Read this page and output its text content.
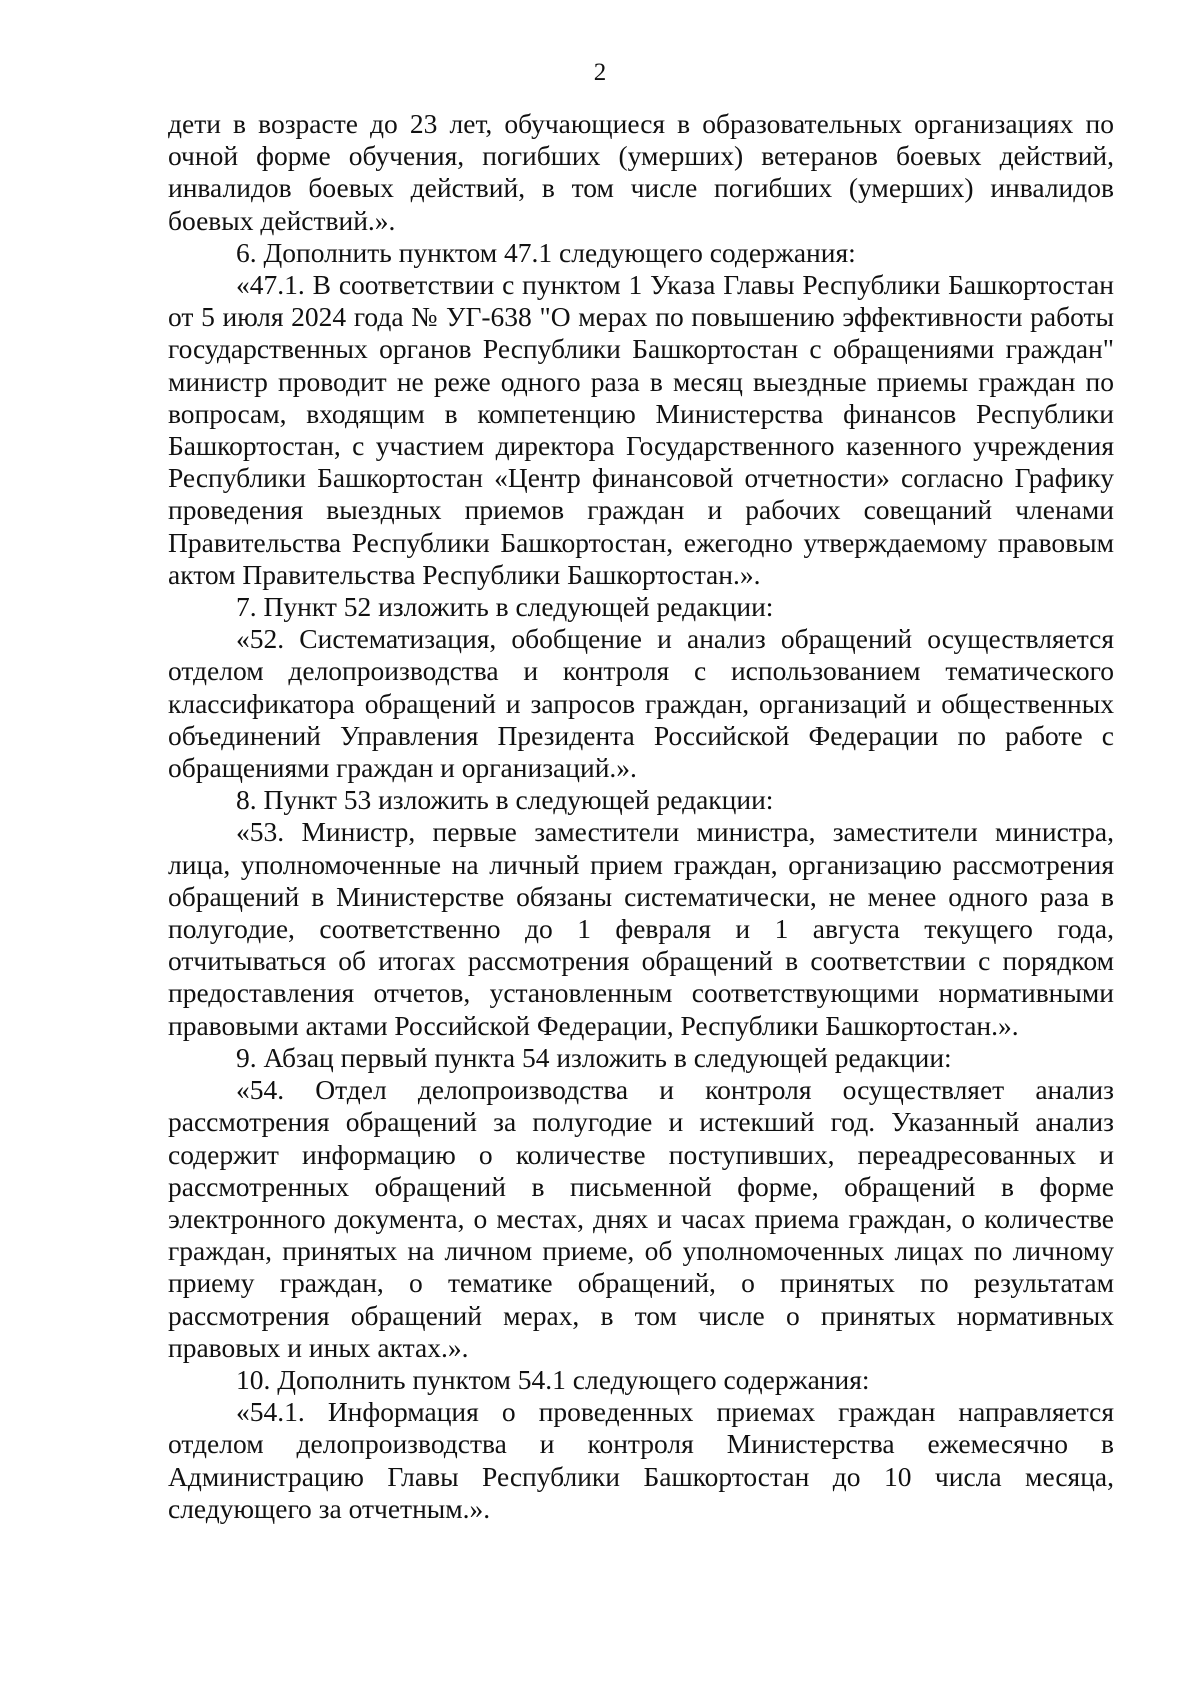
2

дети в возрасте до 23 лет, обучающиеся в образовательных организациях по очной форме обучения, погибших (умерших) ветеранов боевых действий, инвалидов боевых действий, в том числе погибших (умерших) инвалидов боевых действий.».

6. Дополнить пунктом 47.1 следующего содержания:

«47.1. В соответствии с пунктом 1 Указа Главы Республики Башкортостан от 5 июля 2024 года № УГ-638 "О мерах по повышению эффективности работы государственных органов Республики Башкортостан с обращениями граждан" министр проводит не реже одного раза в месяц выездные приемы граждан по вопросам, входящим в компетенцию Министерства финансов Республики Башкортостан, с участием директора Государственного казенного учреждения Республики Башкортостан «Центр финансовой отчетности» согласно Графику проведения выездных приемов граждан и рабочих совещаний членами Правительства Республики Башкортостан, ежегодно утверждаемому правовым актом Правительства Республики Башкортостан.».

7. Пункт 52 изложить в следующей редакции:

«52. Систематизация, обобщение и анализ обращений осуществляется отделом делопроизводства и контроля с использованием тематического классификатора обращений и запросов граждан, организаций и общественных объединений Управления Президента Российской Федерации по работе с обращениями граждан и организаций.».

8. Пункт 53 изложить в следующей редакции:

«53. Министр, первые заместители министра, заместители министра, лица, уполномоченные на личный прием граждан, организацию рассмотрения обращений в Министерстве обязаны систематически, не менее одного раза в полугодие, соответственно до 1 февраля и 1 августа текущего года, отчитываться об итогах рассмотрения обращений в соответствии с порядком предоставления отчетов, установленным соответствующими нормативными правовыми актами Российской Федерации, Республики Башкортостан.».

9. Абзац первый пункта 54 изложить в следующей редакции:

«54. Отдел делопроизводства и контроля осуществляет анализ рассмотрения обращений за полугодие и истекший год. Указанный анализ содержит информацию о количестве поступивших, переадресованных и рассмотренных обращений в письменной форме, обращений в форме электронного документа, о местах, днях и часах приема граждан, о количестве граждан, принятых на личном приеме, об уполномоченных лицах по личному приему граждан, о тематике обращений, о принятых по результатам рассмотрения обращений мерах, в том числе о принятых нормативных правовых и иных актах.».

10. Дополнить пунктом 54.1 следующего содержания:

«54.1. Информация о проведенных приемах граждан направляется отделом делопроизводства и контроля Министерства ежемесячно в Администрацию Главы Республики Башкортостан до 10 числа месяца, следующего за отчетным.».
